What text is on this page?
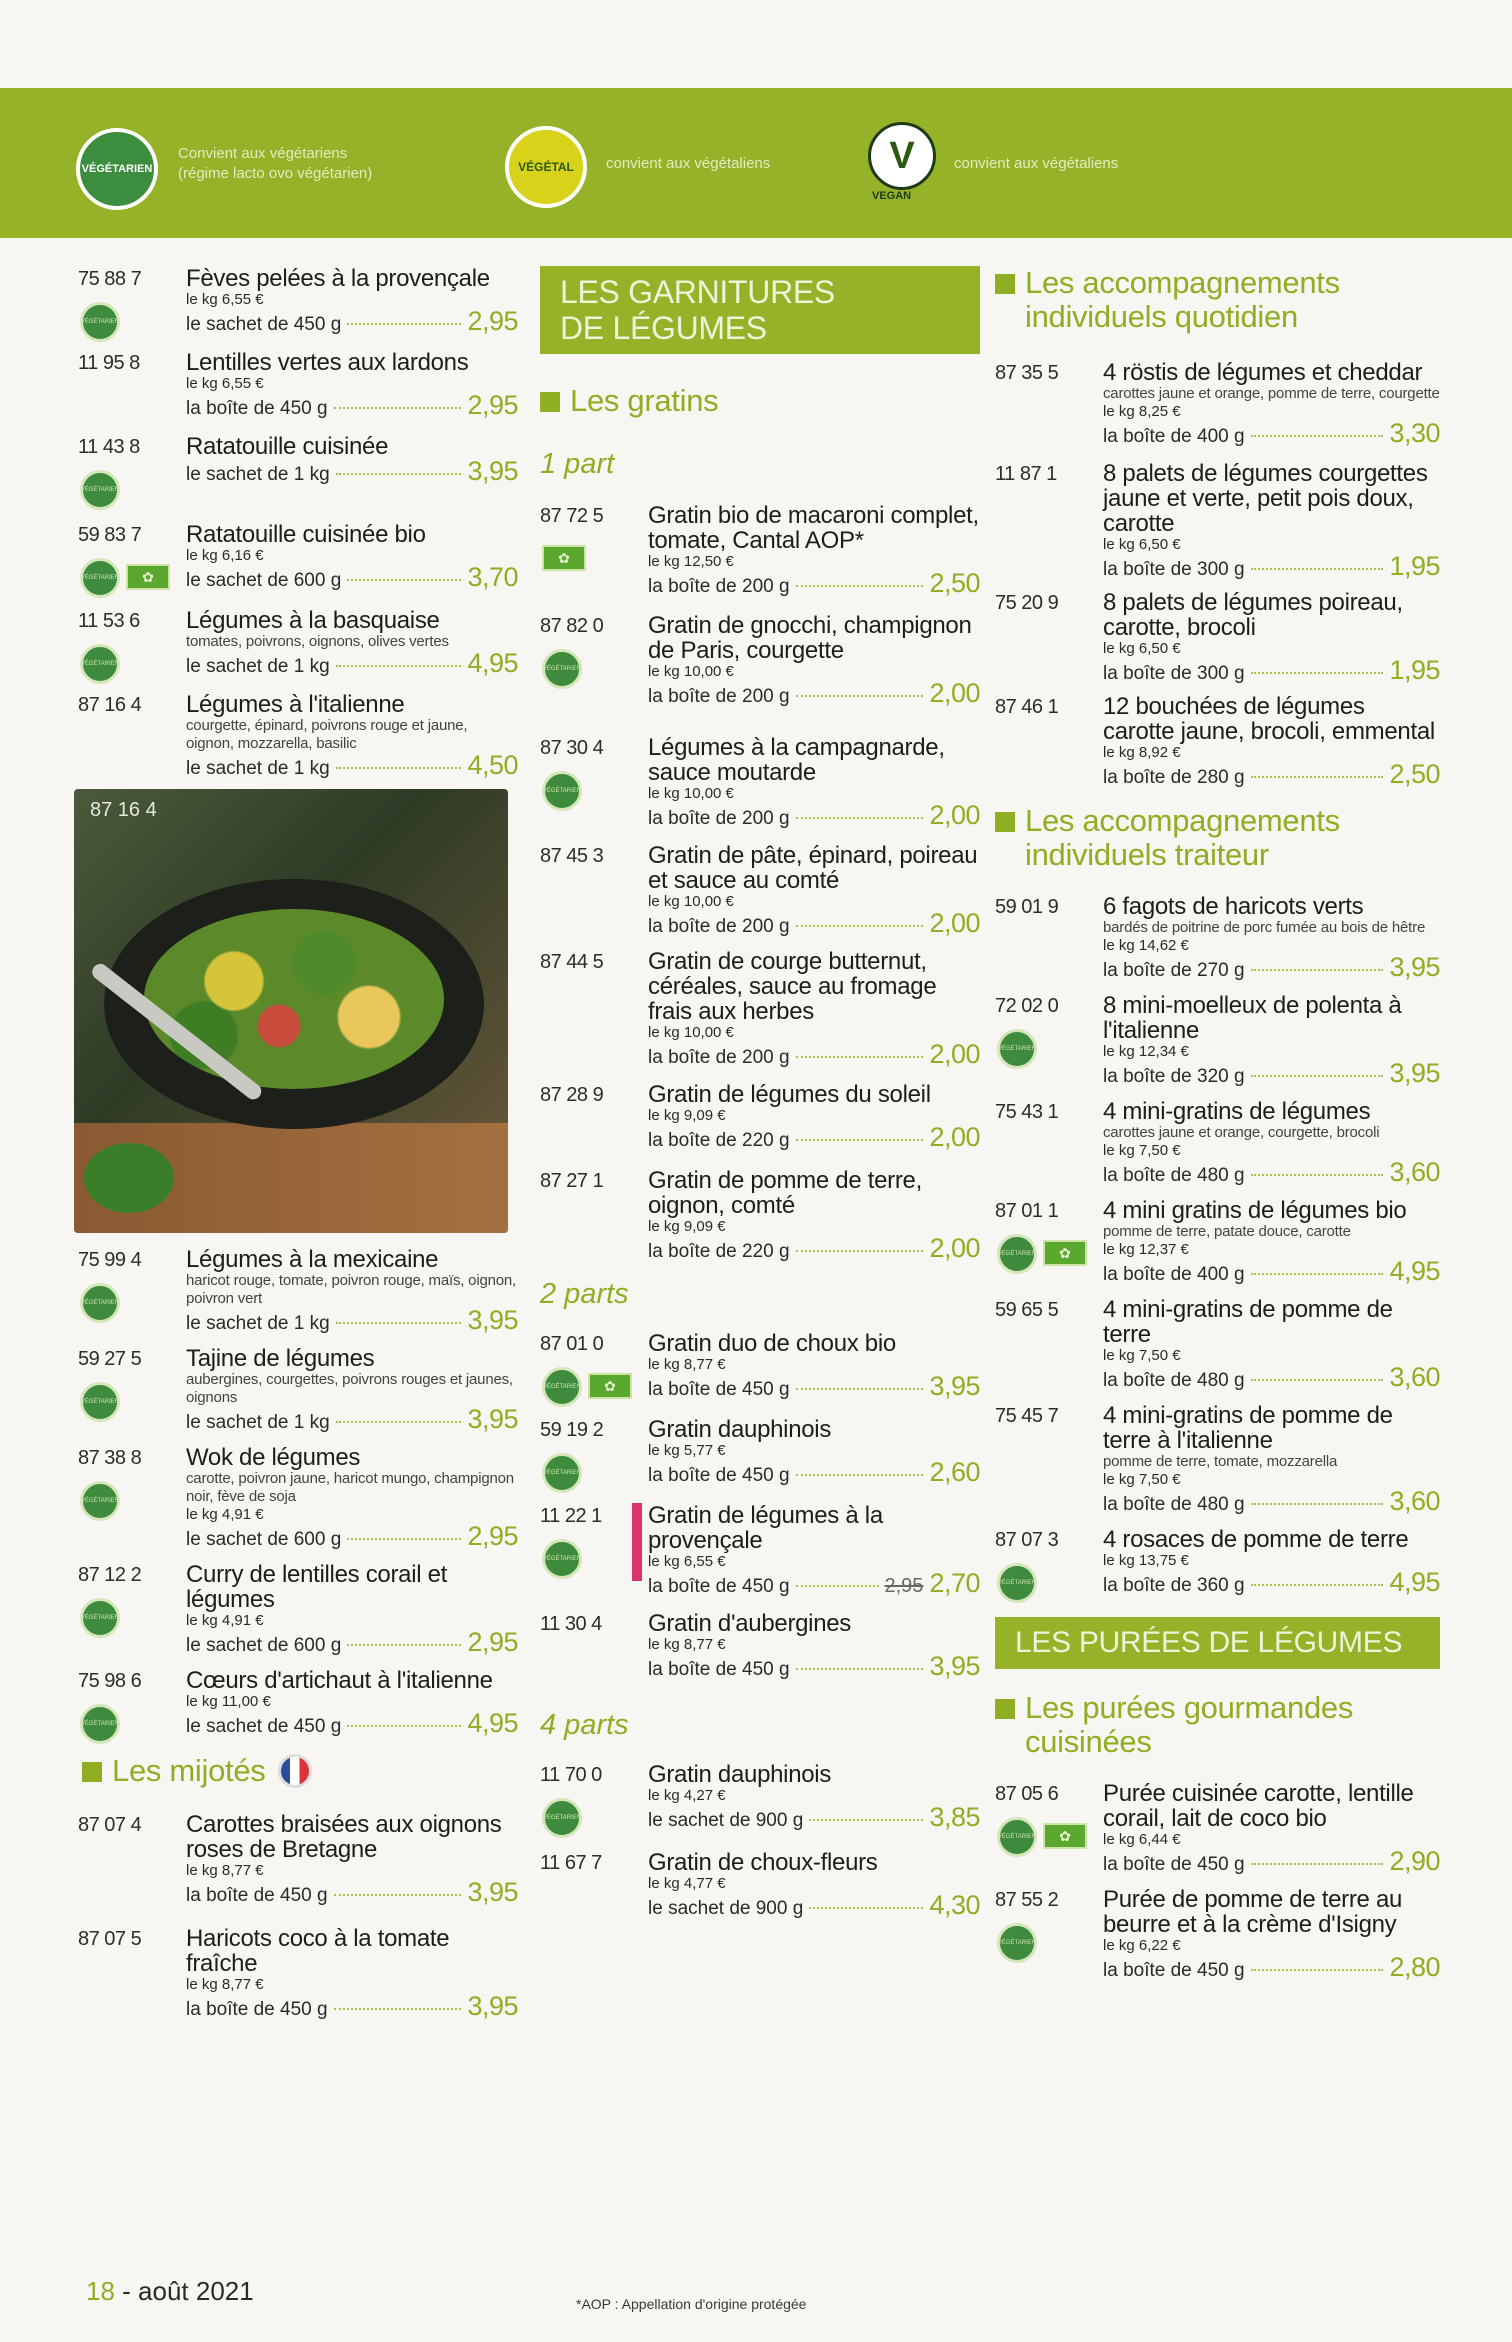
VÉGÉTARIEN
Convient aux végétariens
(régime lacto ovo végétarien)	VÉGÉTAL	convient aux végétaliens	V
VEGAN
convient aux végétaliens
75 88 7
VÉGÉTARIEN
Fèves pelées à la provençale
le kg 6,55 €
le sachet de 450 g	2,95
11 95 8 Lentilles vertes aux lardons
le kg 6,55 €
la boîte de 450 g	2,95
11 43 8
VÉGÉTARIEN
Ratatouille cuisinée
le sachet de 1 kg	3,95
59 83 7
VÉGÉTARIEN	✿
Ratatouille cuisinée bio
le kg 6,16 €
le sachet de 600 g	3,70
11 53 6
VÉGÉTARIEN
Légumes à la basquaise
tomates, poivrons, oignons, olives vertes
le sachet de 1 kg	4,95
87 16 4 Légumes à l'italienne
courgette, épinard, poivrons rouge et jaune, oignon, mozzarella, basilic
le sachet de 1 kg	4,50
87 16 4
75 99 4
VÉGÉTARIEN
Légumes à la mexicaine
haricot rouge, tomate, poivron rouge, maïs, oignon, poivron vert
le sachet de 1 kg	3,95
59 27 5
VÉGÉTARIEN
Tajine de légumes
aubergines, courgettes, poivrons rouges et jaunes, oignons
le sachet de 1 kg	3,95
87 38 8
VÉGÉTARIEN
Wok de légumes
carotte, poivron jaune, haricot mungo, champignon noir, fève de soja
le kg 4,91 €
le sachet de 600 g	2,95
87 12 2
VÉGÉTARIEN
Curry de lentilles corail et légumes
le kg 4,91 €
le sachet de 600 g	2,95
75 98 6
VÉGÉTARIEN
Cœurs d'artichaut à l'italienne
le kg 11,00 €
le sachet de 450 g	4,95
Les mijotés
87 07 4 Carottes braisées aux oignons roses de Bretagne
le kg 8,77 €
la boîte de 450 g	3,95
87 07 5 Haricots coco à la tomate fraîche
le kg 8,77 €
la boîte de 450 g	3,95
LES GARNITURES
DE LÉGUMES
Les gratins
1 part
87 72 5
✿
Gratin bio de macaroni complet, tomate, Cantal AOP*
le kg 12,50 €
la boîte de 200 g	2,50
87 82 0
VÉGÉTARIEN
Gratin de gnocchi, champignon de Paris, courgette
le kg 10,00 €
la boîte de 200 g	2,00
87 30 4
VÉGÉTARIEN
Légumes à la campagnarde, sauce moutarde
le kg 10,00 €
la boîte de 200 g	2,00
87 45 3 Gratin de pâte, épinard, poireau et sauce au comté
le kg 10,00 €
la boîte de 200 g	2,00
87 44 5 Gratin de courge butternut, céréales, sauce au fromage frais aux herbes
le kg 10,00 €
la boîte de 200 g	2,00
87 28 9 Gratin de légumes du soleil
le kg 9,09 €
la boîte de 220 g	2,00
87 27 1 Gratin de pomme de terre, oignon, comté
le kg 9,09 €
la boîte de 220 g	2,00
2 parts
87 01 0
VÉGÉTARIEN	✿
Gratin duo de choux bio
le kg 8,77 €
la boîte de 450 g	3,95
59 19 2
VÉGÉTARIEN
Gratin dauphinois
le kg 5,77 €
la boîte de 450 g	2,60
11 22 1
VÉGÉTARIEN
Gratin de légumes à la provençale
le kg 6,55 €
la boîte de 450 g	2,95 2,70
11 30 4 Gratin d'aubergines
le kg 8,77 €
la boîte de 450 g	3,95
4 parts
11 70 0
VÉGÉTARIEN
Gratin dauphinois
le kg 4,27 €
le sachet de 900 g	3,85
11 67 7 Gratin de choux-fleurs
le kg 4,77 €
le sachet de 900 g	4,30
Les accompagnements individuels quotidien
87 35 5 4 röstis de légumes et cheddar
carottes jaune et orange, pomme de terre, courgette
le kg 8,25 €
la boîte de 400 g	3,30
11 87 1 8 palets de légumes courgettes jaune et verte, petit pois doux, carotte
le kg 6,50 €
la boîte de 300 g	1,95
75 20 9 8 palets de légumes poireau, carotte, brocoli
le kg 6,50 €
la boîte de 300 g	1,95
87 46 1 12 bouchées de légumes carotte jaune, brocoli, emmental
le kg 8,92 €
la boîte de 280 g	2,50
Les accompagnements individuels traiteur
59 01 9 6 fagots de haricots verts
bardés de poitrine de porc fumée au bois de hêtre
le kg 14,62 €
la boîte de 270 g	3,95
72 02 0
VÉGÉTARIEN
8 mini-moelleux de polenta à l'italienne
le kg 12,34 €
la boîte de 320 g	3,95
75 43 1 4 mini-gratins de légumes
carottes jaune et orange, courgette, brocoli
le kg 7,50 €
la boîte de 480 g	3,60
87 01 1
VÉGÉTARIEN	✿
4 mini gratins de légumes bio
pomme de terre, patate douce, carotte
le kg 12,37 €
la boîte de 400 g	4,95
59 65 5 4 mini-gratins de pomme de terre
le kg 7,50 €
la boîte de 480 g	3,60
75 45 7 4 mini-gratins de pomme de terre à l'italienne
pomme de terre, tomate, mozzarella
le kg 7,50 €
la boîte de 480 g	3,60
87 07 3
VÉGÉTARIEN
4 rosaces de pomme de terre
le kg 13,75 €
la boîte de 360 g	4,95
LES PURÉES DE LÉGUMES
Les purées gourmandes cuisinées
87 05 6
VÉGÉTARIEN	✿
Purée cuisinée carotte, lentille corail, lait de coco bio
le kg 6,44 €
la boîte de 450 g	2,90
87 55 2
VÉGÉTARIEN
Purée de pomme de terre au beurre et à la crème d'Isigny
le kg 6,22 €
la boîte de 450 g	2,80
18 - août 2021	*AOP : Appellation d'origine protégée
